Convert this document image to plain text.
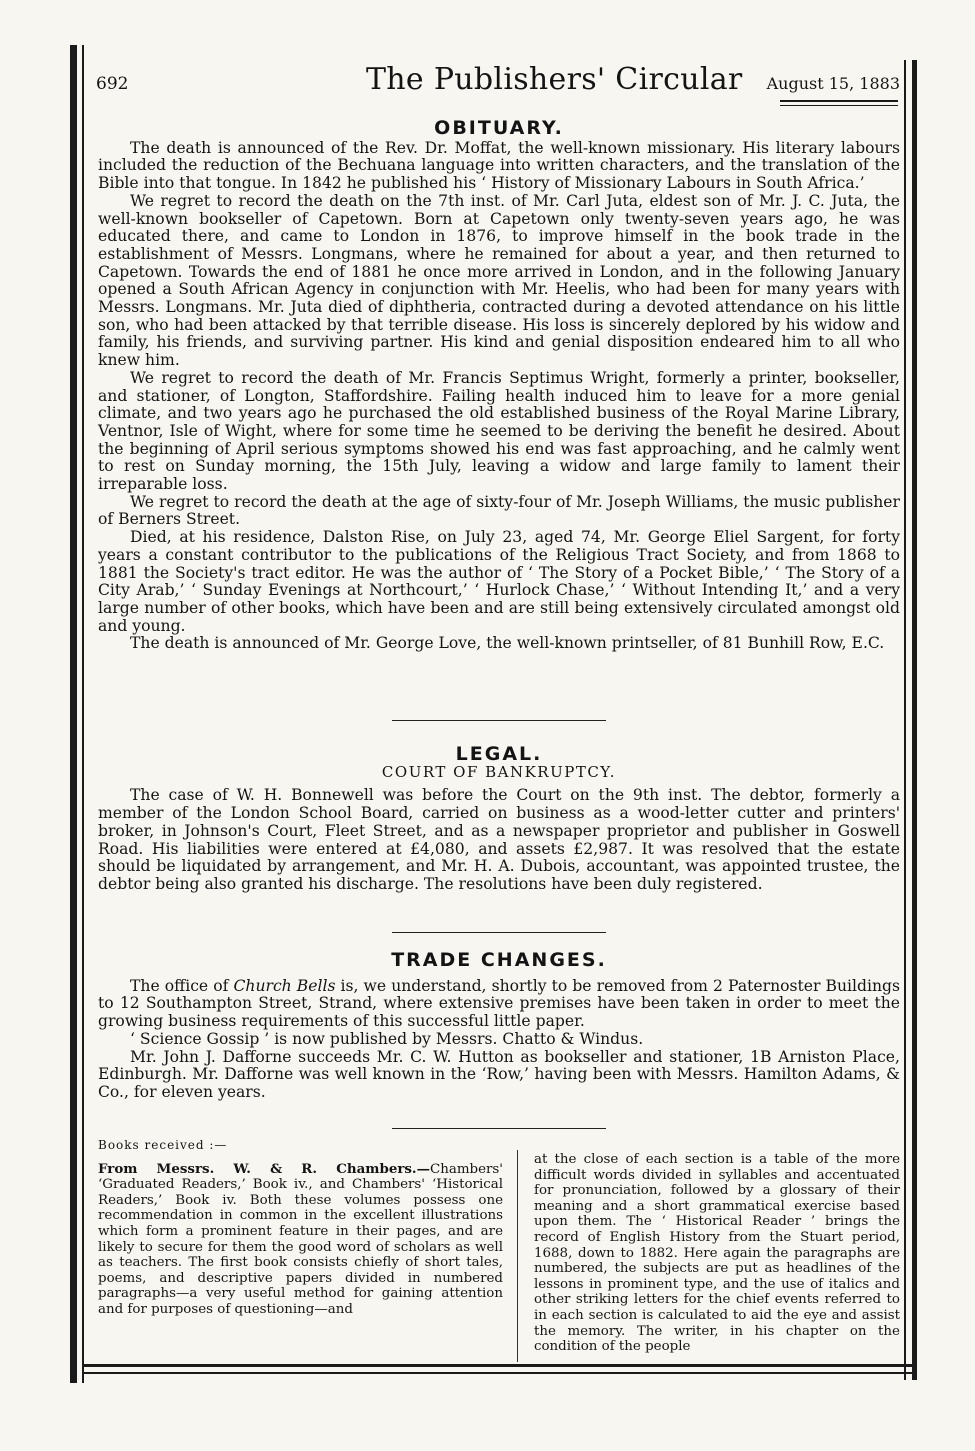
692	The Publishers' Circular August 15, 1883
OBITUARY.

The death is announced of the Rev. Dr. Moffat, the well-known missionary. His literary labours included the reduction of the Bechuana language into written characters, and the translation of the Bible into that tongue. In 1842 he published his ‘ History of Missionary Labours in South Africa.’

We regret to record the death on the 7th inst. of Mr. Carl Juta, eldest son of Mr. J. C. Juta, the well-known bookseller of Capetown. Born at Capetown only twenty-seven years ago, he was educated there, and came to London in 1876, to improve himself in the book trade in the establishment of Messrs. Longmans, where he remained for about a year, and then returned to Capetown. Towards the end of 1881 he once more arrived in London, and in the following January opened a South African Agency in conjunction with Mr. Heelis, who had been for many years with Messrs. Longmans. Mr. Juta died of diphtheria, contracted during a devoted attendance on his little son, who had been attacked by that terrible disease. His loss is sincerely deplored by his widow and family, his friends, and surviving partner. His kind and genial disposition endeared him to all who knew him.

We regret to record the death of Mr. Francis Septimus Wright, formerly a printer, bookseller, and stationer, of Longton, Staffordshire. Failing health induced him to leave for a more genial climate, and two years ago he purchased the old established business of the Royal Marine Library, Ventnor, Isle of Wight, where for some time he seemed to be deriving the benefit he desired. About the beginning of April serious symptoms showed his end was fast approaching, and he calmly went to rest on Sunday morning, the 15th July, leaving a widow and large family to lament their irreparable loss.

We regret to record the death at the age of sixty-four of Mr. Joseph Williams, the music publisher of Berners Street.

Died, at his residence, Dalston Rise, on July 23, aged 74, Mr. George Eliel Sargent, for forty years a constant contributor to the publications of the Religious Tract Society, and from 1868 to 1881 the Society's tract editor. He was the author of ‘ The Story of a Pocket Bible,’ ‘ The Story of a City Arab,’ ‘ Sunday Evenings at Northcourt,’ ‘ Hurlock Chase,’ ‘ Without Intending It,’ and a very large number of other books, which have been and are still being extensively circulated amongst old and young.

The death is announced of Mr. George Love, the well-known printseller, of 81 Bunhill Row, E.C.

LEGAL.
COURT OF BANKRUPTCY.

The case of W. H. Bonnewell was before the Court on the 9th inst. The debtor, formerly a member of the London School Board, carried on business as a wood-letter cutter and printers' broker, in Johnson's Court, Fleet Street, and as a newspaper proprietor and publisher in Goswell Road. His liabilities were entered at £4,080, and assets £2,987. It was resolved that the estate should be liquidated by arrangement, and Mr. H. A. Dubois, accountant, was appointed trustee, the debtor being also granted his discharge. The resolutions have been duly registered.

TRADE CHANGES.

The office of Church Bells is, we understand, shortly to be removed from 2 Paternoster Buildings to 12 Southampton Street, Strand, where extensive premises have been taken in order to meet the growing business requirements of this successful little paper.

‘ Science Gossip ’ is now published by Messrs. Chatto & Windus.

Mr. John J. Dafforne succeeds Mr. C. W. Hutton as bookseller and stationer, 1B Arniston Place, Edinburgh. Mr. Dafforne was well known in the ‘Row,’ having been with Messrs. Hamilton Adams, & Co., for eleven years.

Books received :—

From Messrs. W. & R. Chambers.—Chambers' ‘Graduated Readers,’ Book iv., and Chambers' ‘Historical Readers,’ Book iv. Both these volumes possess one recommendation in common in the excellent illustrations which form a prominent feature in their pages, and are likely to secure for them the good word of scholars as well as teachers. The first book consists chiefly of short tales, poems, and descriptive papers divided in numbered paragraphs—a very useful method for gaining attention and for purposes of questioning—and

at the close of each section is a table of the more difficult words divided in syllables and accentuated for pronunciation, followed by a glossary of their meaning and a short grammatical exercise based upon them. The ‘ Historical Reader ’ brings the record of English History from the Stuart period, 1688, down to 1882. Here again the paragraphs are numbered, the subjects are put as headlines of the lessons in prominent type, and the use of italics and other striking letters for the chief events referred to in each section is calculated to aid the eye and assist the memory. The writer, in his chapter on the condition of the people
